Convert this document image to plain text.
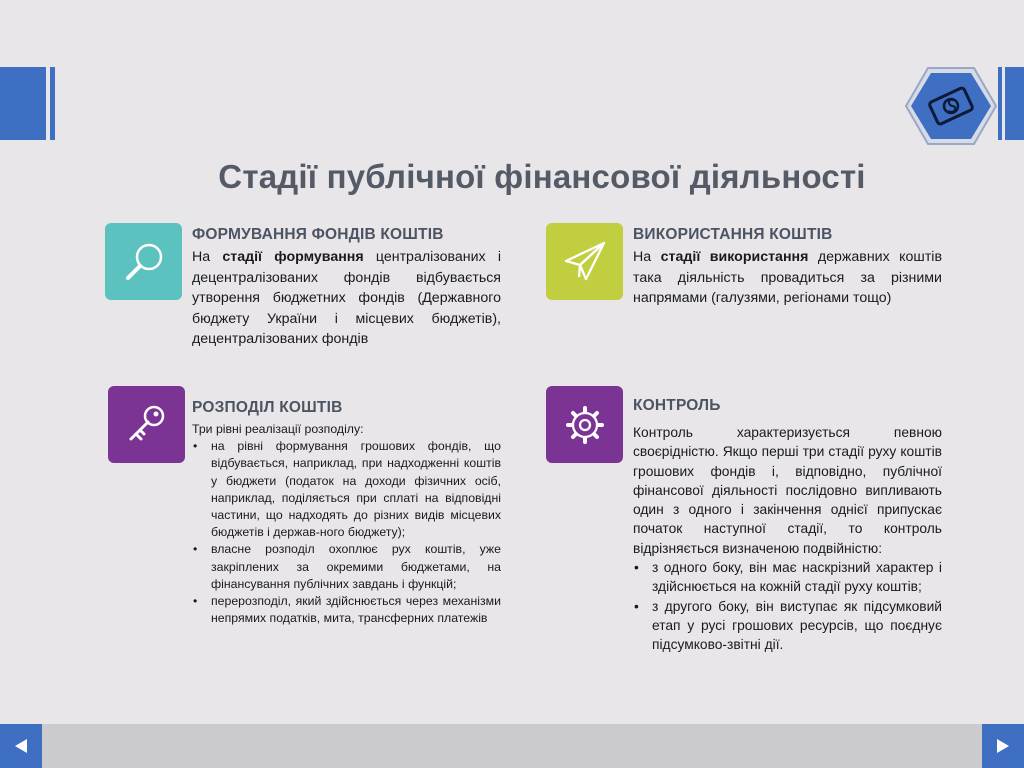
Стадії публічної фінансової діяльності
ФОРМУВАННЯ ФОНДІВ КОШТІВ
На стадії формування централізованих і децентралізованих фондів відбувається утворення бюджетних фондів (Державного бюджету України і місцевих бюджетів), децентралізованих фондів
ВИКОРИСТАННЯ КОШТІВ
На стадії використання державних коштів така діяльність провадиться за різними напрямами (галузями, регіонами тощо)
РОЗПОДІЛ КОШТІВ
Три рівні реалізації розподілу:
• на рівні формування грошових фондів, що відбувається, наприклад, при надходженні коштів у бюджети (податок на доходи фізичних осіб, наприклад, поділяється при сплаті на відповідні частини, що надходять до різних видів місцевих бюджетів і держав-ного бюджету);
• власне розподіл охоплює рух коштів, уже закріплених за окремими бюджетами, на фінансування публічних завдань і функцій;
• перерозподіл, який здійснюється через механізми непрямих податків, мита, трансферних платежів
КОНТРОЛЬ
Контроль характеризується певною своєрідністю. Якщо перші три стадії руху коштів грошових фондів і, відповідно, публічної фінансової діяльності послідовно випливають один з одного і закінчення однієї припускає початок наступної стадії, то контроль відрізняється визначеною подвійністю:
• з одного боку, він має наскрізний характер і здійснюється на кожній стадії руху коштів;
• з другого боку, він виступає як підсумковий етап у русі грошових ресурсів, що поєднує підсумково-звітні дії.
